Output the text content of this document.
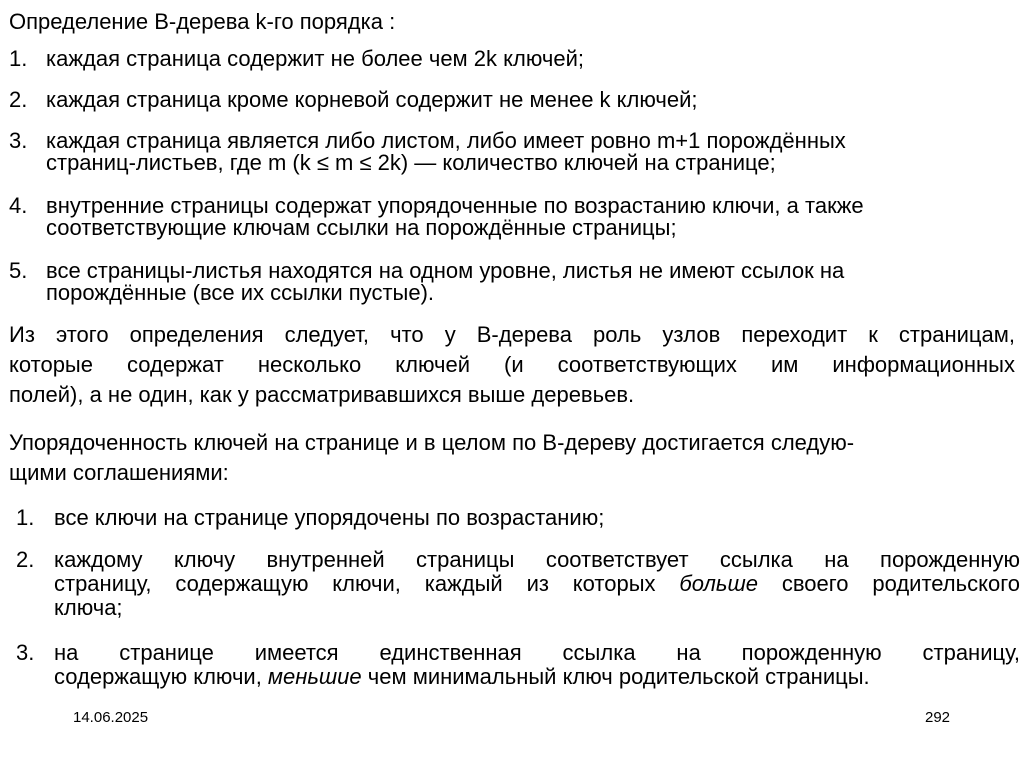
Определение В-дерева k-го порядка :
1. каждая страница содержит не более чем 2k ключей;
2. каждая страница кроме корневой содержит не менее k ключей;
3. каждая страница является либо листом, либо имеет ровно m+1 порождённых
страниц-листьев, где m (k ≤ m ≤ 2k) — количество ключей на странице;
4. внутренние страницы содержат упорядоченные по возрастанию ключи, а также
соответствующие ключам ссылки на порождённые страницы;
5. все страницы-листья находятся на одном уровне, листья не имеют ссылок на
порождённые (все их ссылки пустые).
Из этого определения следует, что у B-дерева роль узлов переходит к страницам,
которые содержат несколько ключей (и соответствующих им информационных
полей), а не один, как у рассматривавшихся выше деревьев.
Упорядоченность ключей на странице и в целом по B-дереву достигается следую-
щими соглашениями:
1. все ключи на странице упорядочены по возрастанию;
2. каждому ключу внутренней страницы соответствует ссылка на порожденную
страницу, содержащую ключи, каждый из которых больше своего родительского
ключа;
3. на странице имеется единственная ссылка на порожденную страницу,
содержащую ключи, меньшие чем минимальный ключ родительской страницы.
14.06.2025	292
